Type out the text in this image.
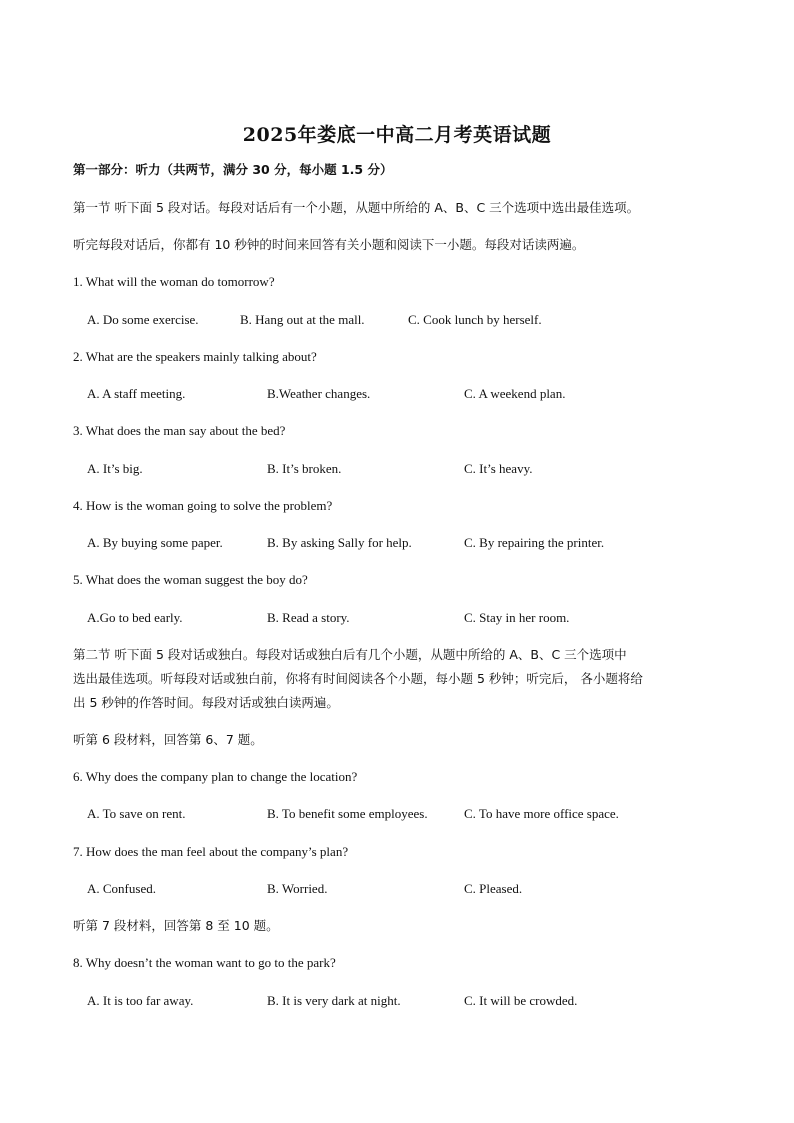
2025年娄底一中高二月考英语试题
第一部分：听力（共两节，满分 30 分，每小题 1.5 分）
第一节 听下面 5 段对话。每段对话后有一个小题，从题中所给的 A、B、C 三个选项中选出最佳选项。
听完每段对话后，你都有 10 秒钟的时间来回答有关小题和阅读下一小题。每段对话读两遍。
1. What will the woman do tomorrow?
A. Do some exercise.	B. Hang out at the mall.	C. Cook lunch by herself.
2. What are the speakers mainly talking about?
A. A staff meeting.	B.Weather changes.	C. A weekend plan.
3. What does the man say about the bed?
A. It’s big.	B. It’s broken.	C. It’s heavy.
4. How is the woman going to solve the problem?
A. By buying some paper.	B. By asking Sally for help.	C. By repairing the printer.
5. What does the woman suggest the boy do?
A.Go to bed early.	B. Read a story.	C. Stay in her room.
第二节 听下面 5 段对话或独白。每段对话或独白后有几个小题，从题中所给的 A、B、C 三个选项中
选出最佳选项。听每段对话或独白前，你将有时间阅读各个小题，每小题 5 秒钟；听完后， 各小题将给
出 5 秒钟的作答时间。每段对话或独白读两遍。
听第 6 段材料，回答第 6、7 题。
6. Why does the company plan to change the location?
A. To save on rent.	B. To benefit some employees.	C. To have more office space.
7. How does the man feel about the company’s plan?
A. Confused.	B. Worried.	C. Pleased.
听第 7 段材料，回答第 8 至 10 题。
8. Why doesn’t the woman want to go to the park?
A. It is too far away.	B. It is very dark at night.	C. It will be crowded.
